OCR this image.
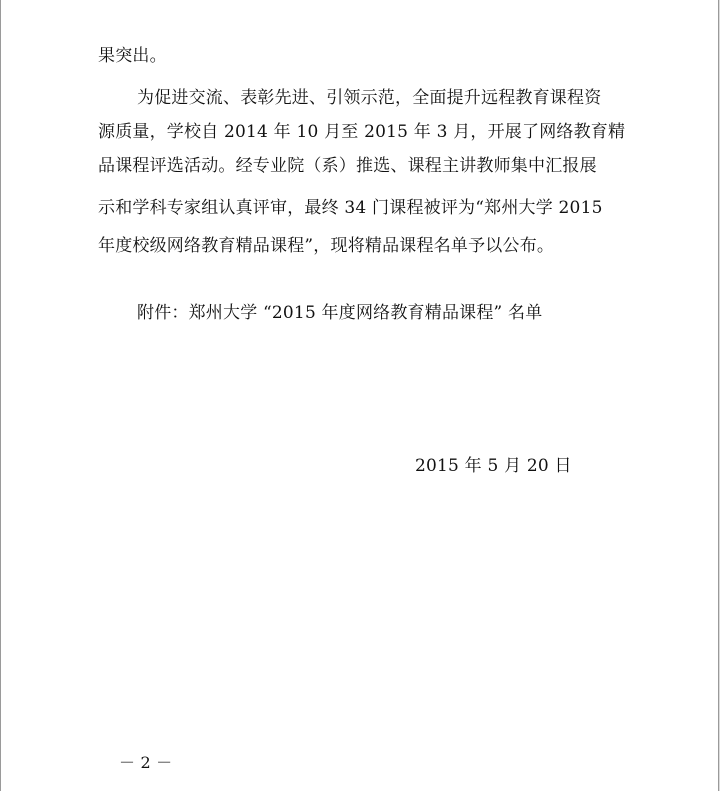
果突出。
为促进交流、表彰先进、引领示范，全面提升远程教育课程资
源质量，学校自 2014 年 10 月至 2015 年 3 月，开展了网络教育精
品课程评选活动。经专业院（系）推选、课程主讲教师集中汇报展
示和学科专家组认真评审，最终 34 门课程被评为“郑州大学 2015
年度校级网络教育精品课程”，现将精品课程名单予以公布。
附件：郑州大学 “2015 年度网络教育精品课程” 名单
2015 年 5 月 20 日
－ 2 －
